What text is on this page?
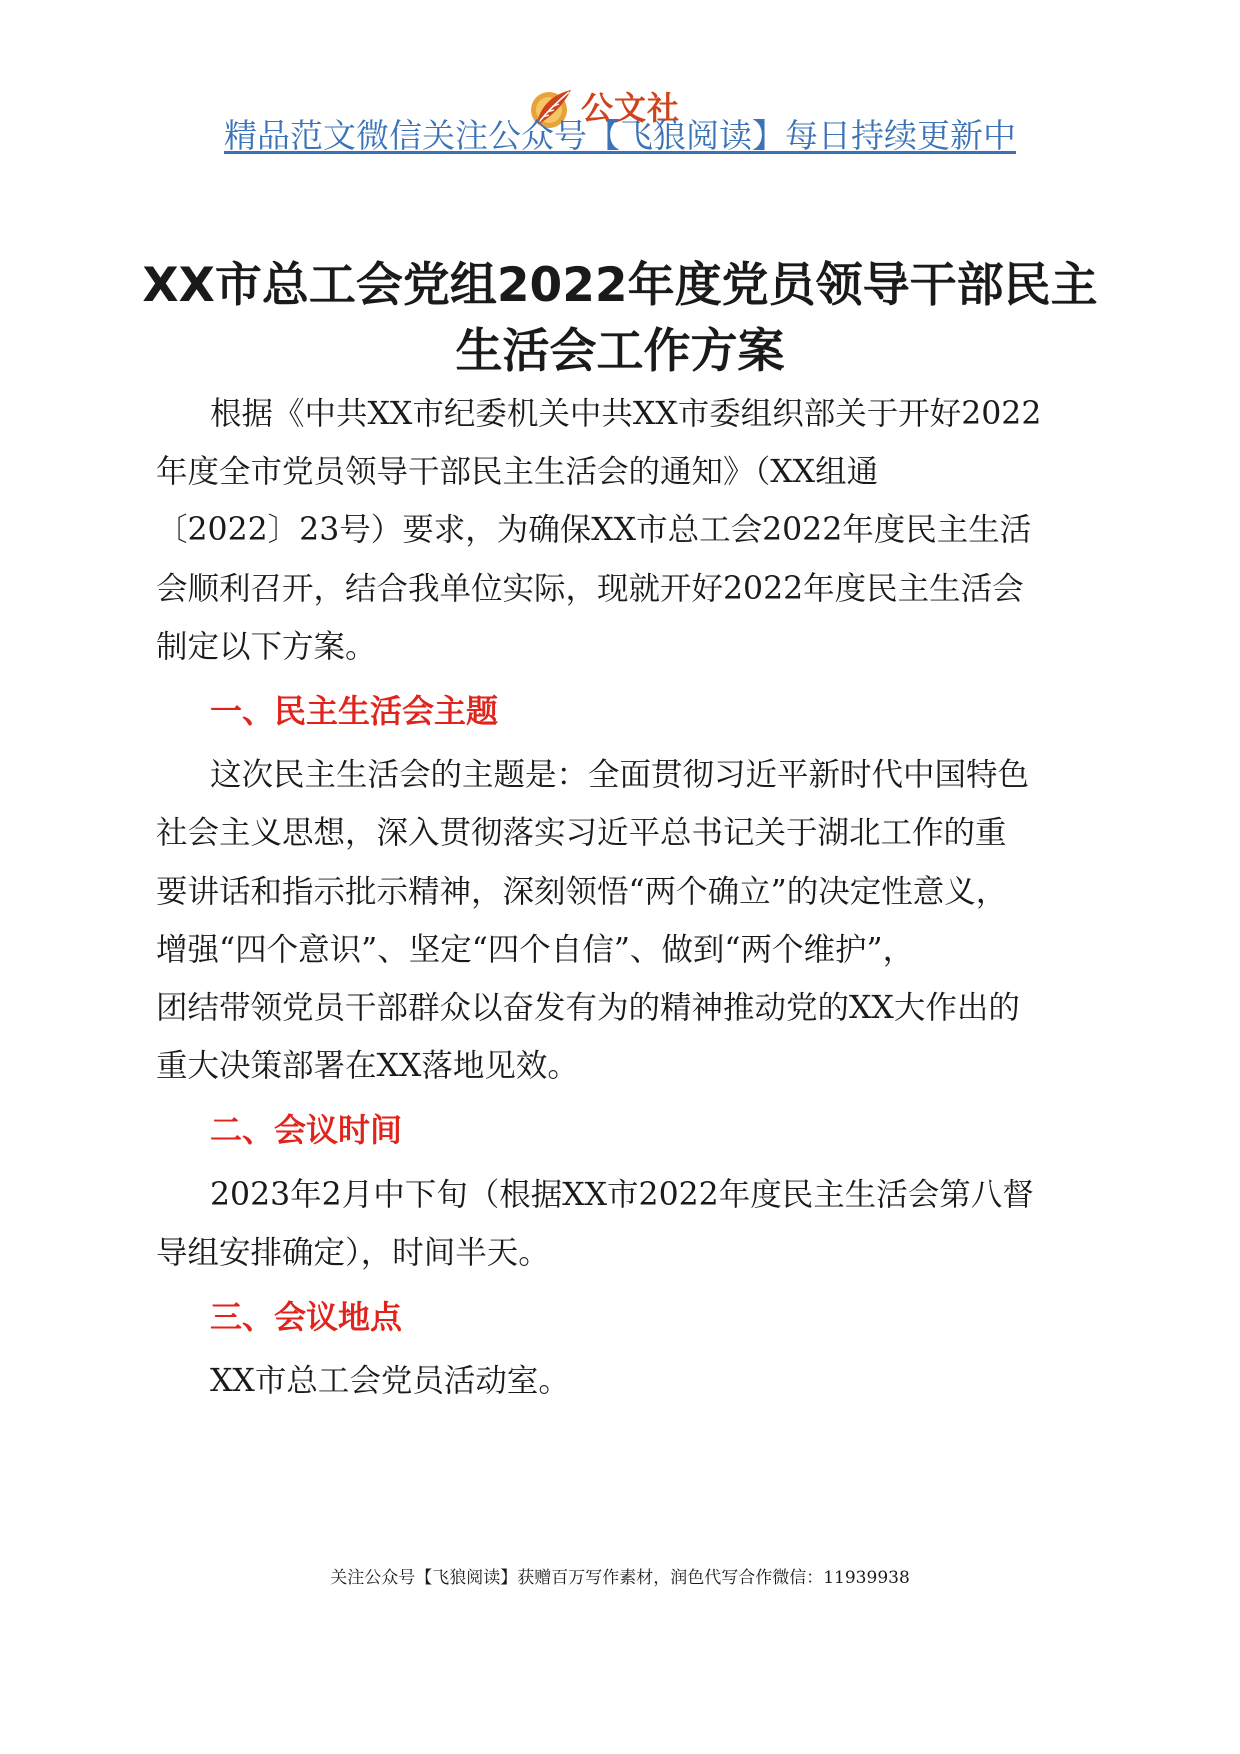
公文社
精品范文微信关注公众号【飞狼阅读】每日持续更新中
XX市总工会党组2022年度党员领导干部民主
生活会工作方案

根据《中共XX市纪委机关中共XX市委组织部关于开好2022
年度全市党员领导干部民主生活会的通知》（XX组通
〔2022〕23号）要求，为确保XX市总工会2022年度民主生活
会顺利召开，结合我单位实际，现就开好2022年度民主生活会
制定以下方案。

一、民主生活会主题

这次民主生活会的主题是：全面贯彻习近平新时代中国特色
社会主义思想，深入贯彻落实习近平总书记关于湖北工作的重
要讲话和指示批示精神，深刻领悟“两个确立”的决定性意义，
增强“四个意识”、坚定“四个自信”、做到“两个维护”，
团结带领党员干部群众以奋发有为的精神推动党的XX大作出的
重大决策部署在XX落地见效。

二、会议时间

2023年2月中下旬（根据XX市2022年度民主生活会第八督
导组安排确定），时间半天。

三、会议地点

XX市总工会党员活动室。

关注公众号【飞狼阅读】获赠百万写作素材，润色代写合作微信：11939938
